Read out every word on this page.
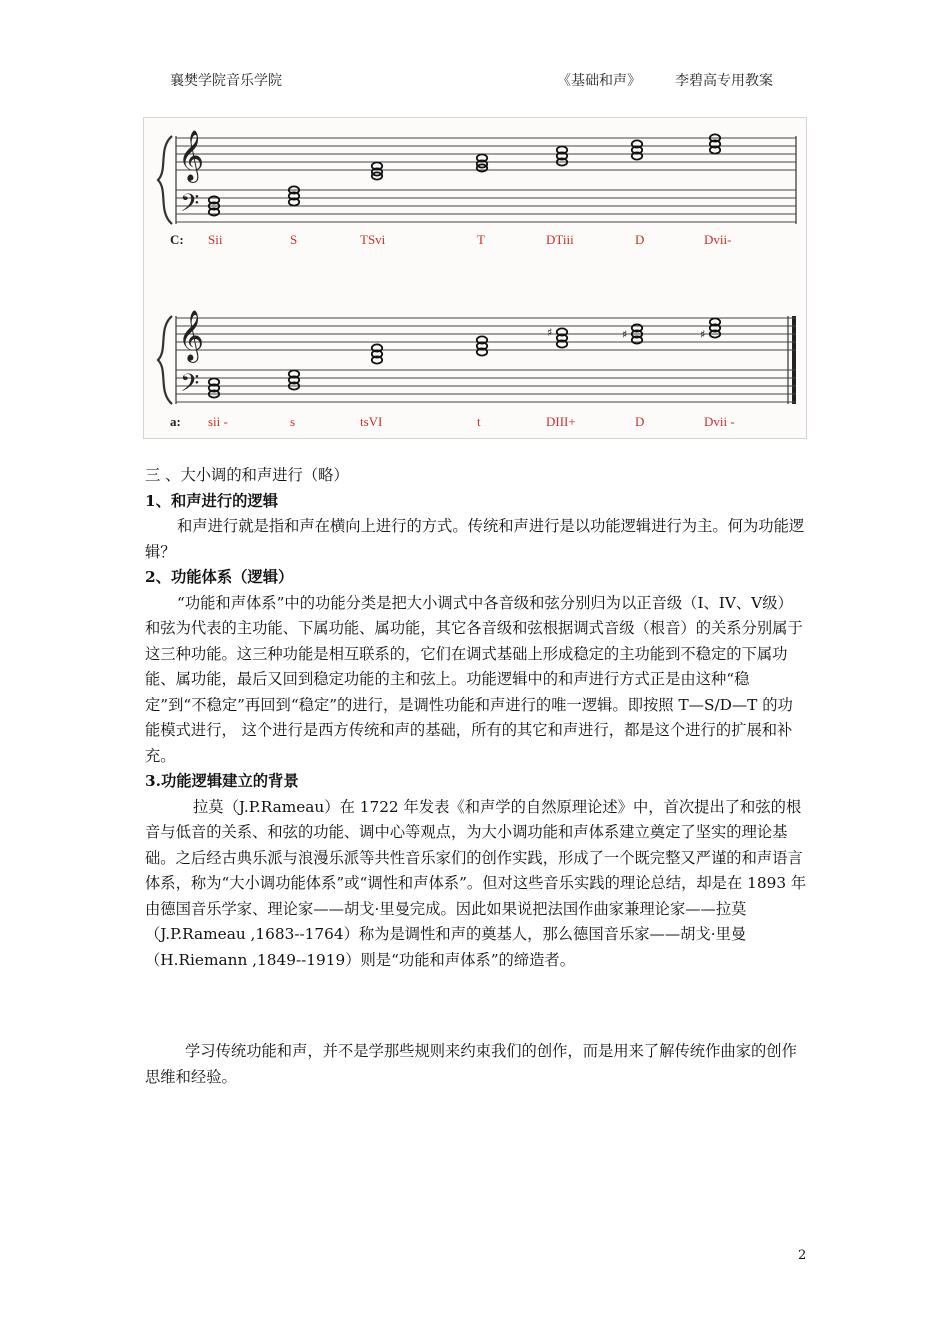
襄樊学院音乐学院	《基础和声》 李碧高专用教案
𝄞
𝄢
C: Sii	S	TSvi	T	DTiii	D	Dvii-
𝄞
𝄢
♯	♯	♯
a: sii -	s	tsVI	t	DIII+	D	Dvii -

三 、大小调的和声进行（略）

1、和声进行的逻辑

和声进行就是指和声在横向上进行的方式。传统和声进行是以功能逻辑进行为主。何为功能逻辑？

2、功能体系（逻辑）

“功能和声体系”中的功能分类是把大小调式中各音级和弦分别归为以正音级（I、IV、V级）和弦为代表的主功能、下属功能、属功能，其它各音级和弦根据调式音级（根音）的关系分别属于这三种功能。这三种功能是相互联系的，它们在调式基础上形成稳定的主功能到不稳定的下属功能、属功能，最后又回到稳定功能的主和弦上。功能逻辑中的和声进行方式正是由这种“稳定”到“不稳定”再回到“稳定”的进行，是调性功能和声进行的唯一逻辑。即按照 T—S/D—T 的功能模式进行， 这个进行是西方传统和声的基础，所有的其它和声进行，都是这个进行的扩展和补充。

3.功能逻辑建立的背景

拉莫（J.P.Rameau）在 1722 年发表《和声学的自然原理论述》中，首次提出了和弦的根音与低音的关系、和弦的功能、调中心等观点，为大小调功能和声体系建立奠定了坚实的理论基础。之后经古典乐派与浪漫乐派等共性音乐家们的创作实践，形成了一个既完整又严谨的和声语言体系，称为“大小调功能体系”或“调性和声体系”。但对这些音乐实践的理论总结，却是在 1893 年由德国音乐学家、理论家——胡戈·里曼完成。因此如果说把法国作曲家兼理论家——拉莫（J.P.Rameau ,1683--1764）称为是调性和声的奠基人，那么德国音乐家——胡戈·里曼（H.Riemann ,1849--1919）则是“功能和声体系”的缔造者。

学习传统功能和声，并不是学那些规则来约束我们的创作，而是用来了解传统作曲家的创作思维和经验。

2
